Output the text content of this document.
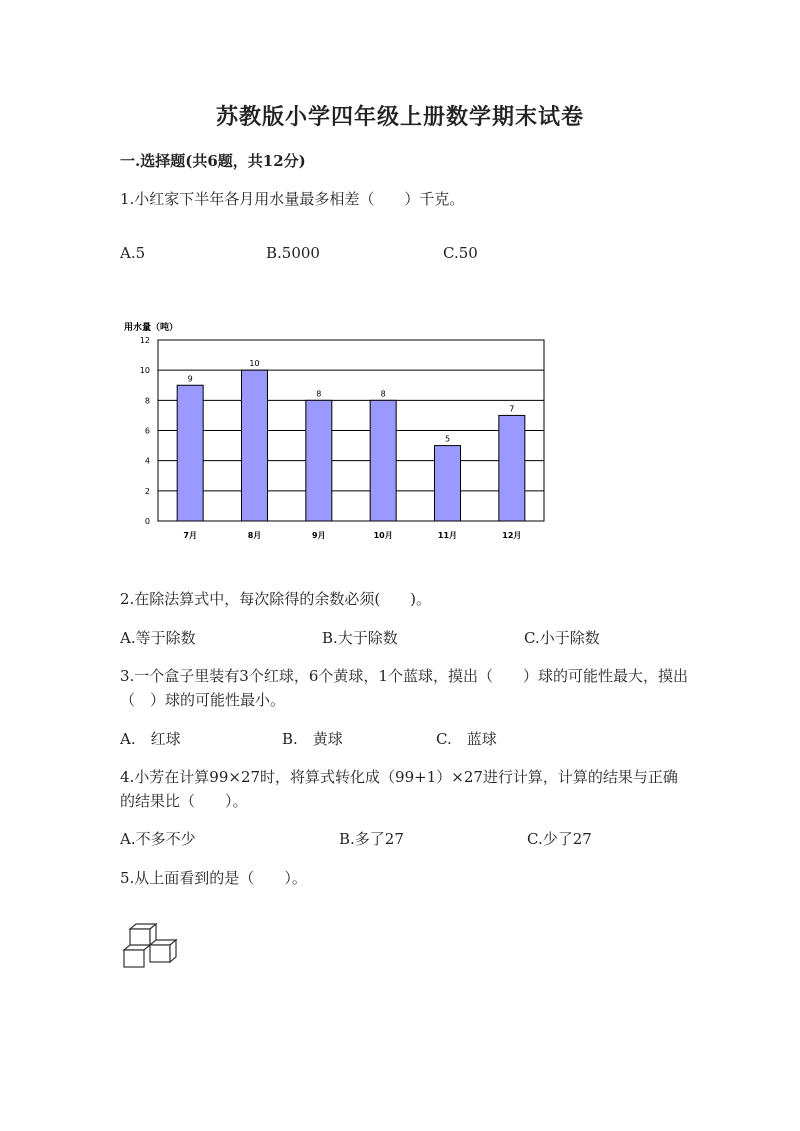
苏教版小学四年级上册数学期末试卷
一.选择题(共6题，共12分)
1.小红家下半年各月用水量最多相差（　　）千克。
A.5	B.5000	C.50
用水量（吨）
0
2
4
6
8
10
12
9
10
8	8
5
7
7月	8月	9月	10月	11月	12月
2.在除法算式中，每次除得的余数必须(　　)。
A.等于除数	B.大于除数	C.小于除数
3.一个盒子里装有3个红球，6个黄球，1个蓝球，摸出（　　）球的可能性最大，摸出（　）球的可能性最小。
A.　红球	B.　黄球	C.　蓝球
4.小芳在计算99×27时，将算式转化成（99+1）×27进行计算，计算的结果与正确的结果比（　　）。
A.不多不少	B.多了27	C.少了27
5.从上面看到的是（　　）。
